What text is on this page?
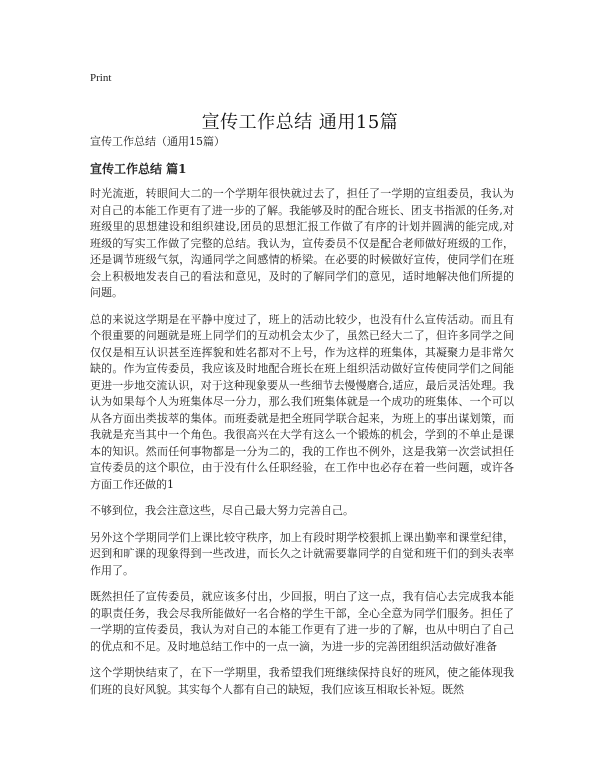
Print
宣传工作总结 通用15篇
宣传工作总结（通用15篇）
宣传工作总结 篇1

时光流逝，转眼间大二的一个学期年很快就过去了，担任了一学期的宣组委员，我认为对自己的本能工作更有了进一步的了解。我能够及时的配合班长、团支书指派的任务,对班级里的思想建设和组织建设,团员的思想汇报工作做了有序的计划并圆满的能完成,对班级的写实工作做了完整的总结。我认为，宣传委员不仅是配合老师做好班级的工作，还是调节班级气氛，沟通同学之间感情的桥梁。在必要的时候做好宣传，使同学们在班会上积极地发表自己的看法和意见，及时的了解同学们的意见，适时地解决他们所提的问题。

总的来说这学期是在平静中度过了，班上的活动比较少，也没有什么宣传活动。而且有个很重要的问题就是班上同学们的互动机会太少了，虽然已经大二了，但许多同学之间仅仅是相互认识甚至连挥貌和姓名都对不上号，作为这样的班集体，其凝聚力是非常欠缺的。作为宣传委员，我应该及时地配合班长在班上组织活动做好宣传使同学们之间能更进一步地交流认识，对于这种现象要从一些细节去慢慢磨合,适应，最后灵活处理。我认为如果每个人为班集体尽一分力，那么我们班集体就是一个成功的班集体、一个可以从各方面出类拔萃的集体。而班委就是把全班同学联合起来，为班上的事出谋划策，而我就是充当其中一个角色。我很高兴在大学有这么一个锻炼的机会，学到的不单止是课本的知识。然而任何事物都是一分为二的，我的工作也不例外，这是我第一次尝试担任宣传委员的这个职位，由于没有什么任职经验，在工作中也必存在着一些问题，或许各方面工作还做的1

不够到位，我会注意这些，尽自己最大努力完善自己。

另外这个学期同学们上课比较守秩序，加上有段时期学校狠抓上课出勤率和课堂纪律，迟到和旷课的现象得到一些改进，而长久之计就需要靠同学的自觉和班干们的到头表率作用了。

既然担任了宣传委员，就应该多付出，少回报，明白了这一点，我有信心去完成我本能的职责任务，我会尽我所能做好一名合格的学生干部，全心全意为同学们服务。担任了一学期的宣传委员，我认为对自己的本能工作更有了进一步的了解，也从中明白了自己的优点和不足。及时地总结工作中的一点一滴，为进一步的完善团组织活动做好准备

这个学期快结束了，在下一学期里，我希望我们班继续保持良好的班风，使之能体现我们班的良好风貌。其实每个人都有自己的缺短，我们应该互相取长补短。既然
